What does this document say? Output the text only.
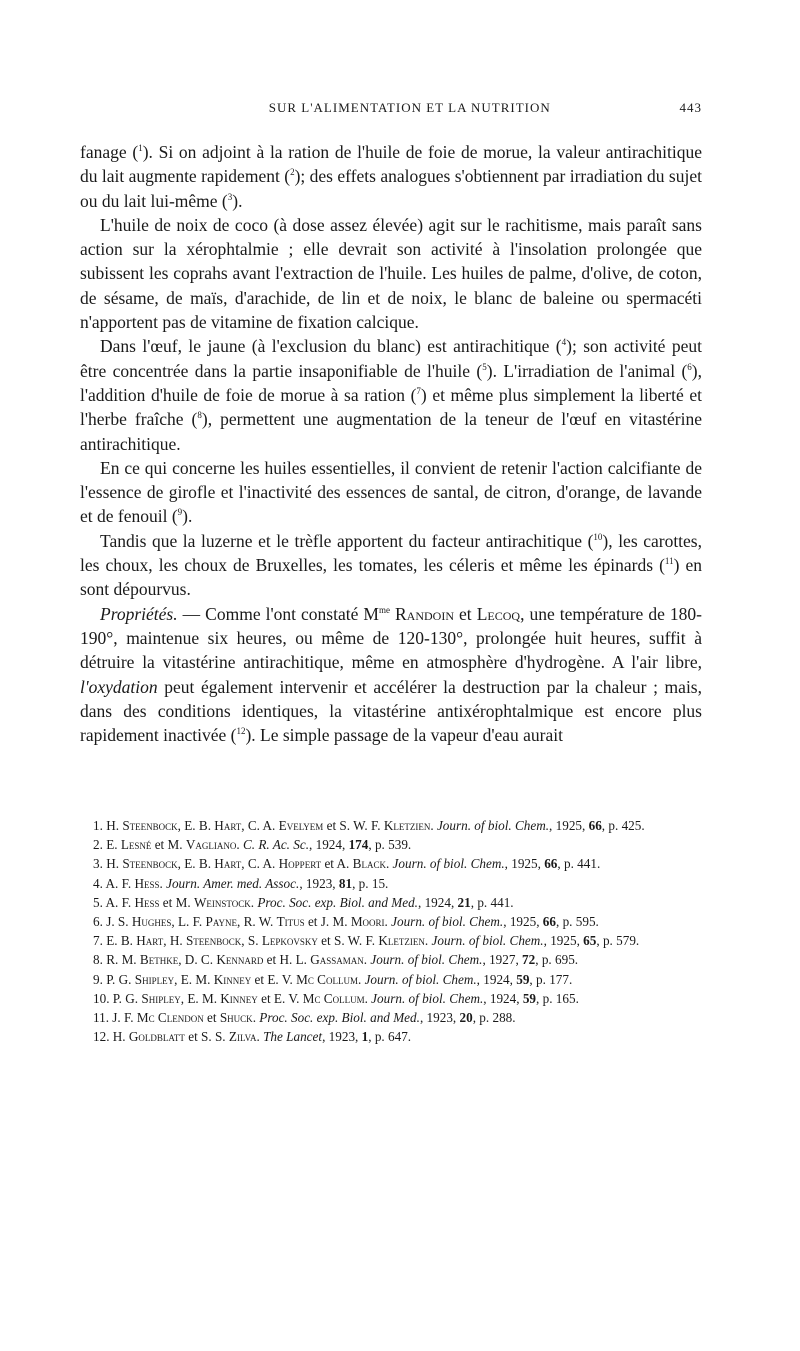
SUR L'ALIMENTATION ET LA NUTRITION	443

fanage ($^1$). Si on adjoint à la ration de l'huile de foie de morue, la valeur antirachitique du lait augmente rapidement ($^2$); des effets analogues s'obtiennent par irradiation du sujet ou du lait lui-même ($^3$).

L'huile de noix de coco (à dose assez élevée) agit sur le rachitisme, mais paraît sans action sur la xérophtalmie ; elle devrait son activité à l'insolation prolongée que subissent les coprahs avant l'extraction de l'huile. Les huiles de palme, d'olive, de coton, de sésame, de maïs, d'arachide, de lin et de noix, le blanc de baleine ou spermacéti n'apportent pas de vitamine de fixation calcique.

Dans l'œuf, le jaune (à l'exclusion du blanc) est antirachitique ($^4$); son activité peut être concentrée dans la partie insaponifiable de l'huile ($^5$). L'irradiation de l'animal ($^6$), l'addition d'huile de foie de morue à sa ration ($^7$) et même plus simplement la liberté et l'herbe fraîche ($^8$), permettent une augmentation de la teneur de l'œuf en vitastérine antirachitique.

En ce qui concerne les huiles essentielles, il convient de retenir l'action calcifiante de l'essence de girofle et l'inactivité des essences de santal, de citron, d'orange, de lavande et de fenouil ($^9$).

Tandis que la luzerne et le trèfle apportent du facteur antirachitique ($^{10}$), les carottes, les choux, les choux de Bruxelles, les tomates, les céleris et même les épinards ($^{11}$) en sont dépourvus.

Propriétés. — Comme l'ont constaté $M^{me}$ Randoin et Lecoq, une température de 180-190°, maintenue six heures, ou même de 120-130°, prolongée huit heures, suffit à détruire la vitastérine antirachitique, même en atmosphère d'hydrogène. A l'air libre, l'oxydation peut également intervenir et accélérer la destruction par la chaleur ; mais, dans des conditions identiques, la vitastérine antixérophtalmique est encore plus rapidement inactivée ($^{12}$). Le simple passage de la vapeur d'eau aurait

1. H. Steenbock, E. B. Hart, C. A. Evelyem et S. W. F. Kletzien. Journ. of biol. Chem., 1925, 66, p. 425.
2. E. Lesné et M. Vagliano. C. R. Ac. Sc., 1924, 174, p. 539.
3. H. Steenbock, E. B. Hart, C. A. Hoppert et A. Black. Journ. of biol. Chem., 1925, 66, p. 441.
4. A. F. Hess. Journ. Amer. med. Assoc., 1923, 81, p. 15.
5. A. F. Hess et M. Weinstock. Proc. Soc. exp. Biol. and Med., 1924, 21, p. 441.
6. J. S. Hughes, L. F. Payne, R. W. Titus et J. M. Moori. Journ. of biol. Chem., 1925, 66, p. 595.
7. E. B. Hart, H. Steenbock, S. Lepkovsky et S. W. F. Kletzien. Journ. of biol. Chem., 1925, 65, p. 579.
8. R. M. Bethke, D. C. Kennard et H. L. Gassaman. Journ. of biol. Chem., 1927, 72, p. 695.
9. P. G. Shipley, E. M. Kinney et E. V. Mc Collum. Journ. of biol. Chem., 1924, 59, p. 177.
10. P. G. Shipley, E. M. Kinney et E. V. Mc Collum. Journ. of biol. Chem., 1924, 59, p. 165.
11. J. F. Mc Clendon et Shuck. Proc. Soc. exp. Biol. and Med., 1923, 20, p. 288.
12. H. Goldblatt et S. S. Zilva. The Lancet, 1923, 1, p. 647.
